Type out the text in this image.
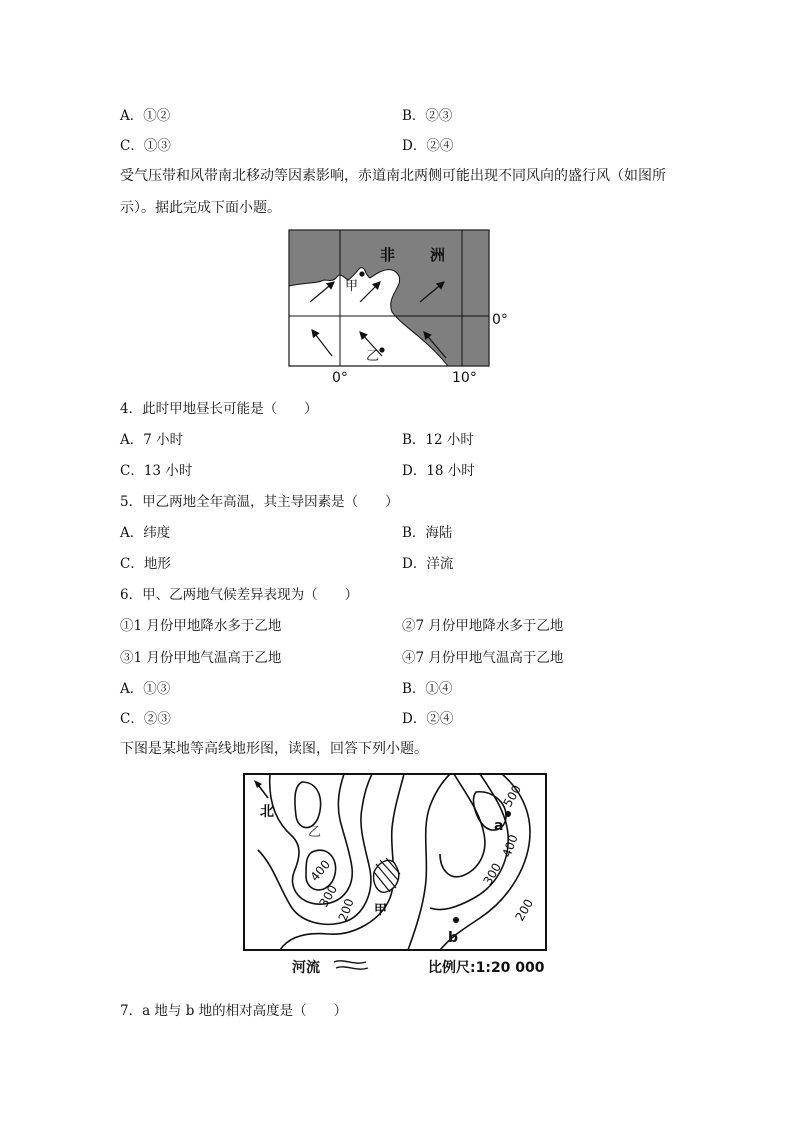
A．①②	B．②③
C．①③	D．②④
受气压带和风带南北移动等因素影响，赤道南北两侧可能出现不同风向的盛行风（如图所
示）。据此完成下面小题。
非 洲
甲
乙
0°
0°	10°
4．此时甲地昼长可能是（　　）
A．7 小时	B．12 小时
C．13 小时	D．18 小时
5．甲乙两地全年高温，其主导因素是（　　）
A．纬度	B．海陆
C．地形	D．洋流
6．甲、乙两地气候差异表现为（　　）
①1 月份甲地降水多于乙地	②7 月份甲地降水多于乙地
③1 月份甲地气温高于乙地	④7 月份甲地气温高于乙地
A．①③	B．①④
C．②③	D．②④
下图是某地等高线地形图，读图，回答下列小题。
北
a
b
乙
甲
500
400
300
200
400
300
200
河流	比例尺:1:20 000
7．a 地与 b 地的相对高度是（　　）
